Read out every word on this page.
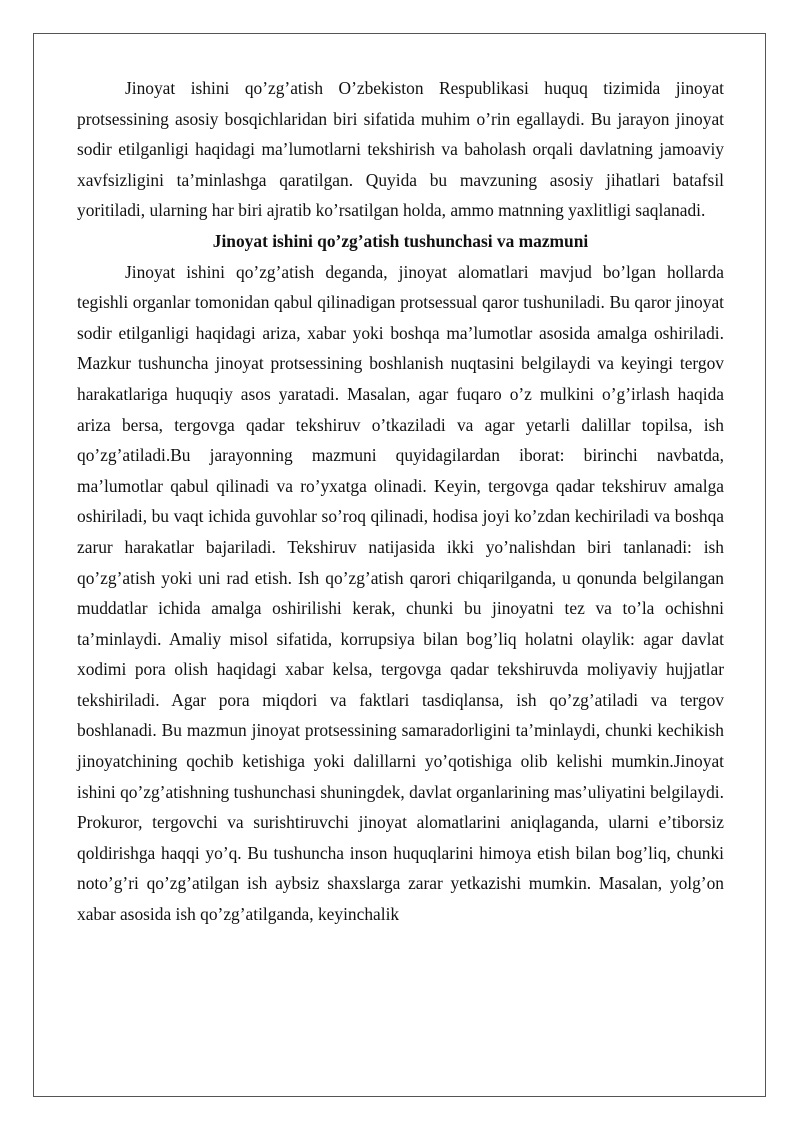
Jinoyat ishini qo’zg’atish O’zbekiston Respublikasi huquq tizimida jinoyat protsessining asosiy bosqichlaridan biri sifatida muhim o’rin egallaydi. Bu jarayon jinoyat sodir etilganligi haqidagi ma’lumotlarni tekshirish va baholash orqali davlatning jamoaviy xavfsizligini ta’minlashga qaratilgan. Quyida bu mavzuning asosiy jihatlari batafsil yoritiladi, ularning har biri ajratib ko’rsatilgan holda, ammo matnning yaxlitligi saqlanadi.

Jinoyat ishini qo’zg’atish tushunchasi va mazmuni

Jinoyat ishini qo’zg’atish deganda, jinoyat alomatlari mavjud bo’lgan hollarda tegishli organlar tomonidan qabul qilinadigan protsessual qaror tushuniladi. Bu qaror jinoyat sodir etilganligi haqidagi ariza, xabar yoki boshqa ma’lumotlar asosida amalga oshiriladi. Mazkur tushuncha jinoyat protsessining boshlanish nuqtasini belgilaydi va keyingi tergov harakatlariga huquqiy asos yaratadi. Masalan, agar fuqaro o’z mulkini o’g’irlash haqida ariza bersa, tergovga qadar tekshiruv o’tkaziladi va agar yetarli dalillar topilsa, ish qo’zg’atiladi.Bu jarayonning mazmuni quyidagilardan iborat: birinchi navbatda, ma’lumotlar qabul qilinadi va ro’yxatga olinadi. Keyin, tergovga qadar tekshiruv amalga oshiriladi, bu vaqt ichida guvohlar so’roq qilinadi, hodisa joyi ko’zdan kechiriladi va boshqa zarur harakatlar bajariladi. Tekshiruv natijasida ikki yo’nalishdan biri tanlanadi: ish qo’zg’atish yoki uni rad etish. Ish qo’zg’atish qarori chiqarilganda, u qonunda belgilangan muddatlar ichida amalga oshirilishi kerak, chunki bu jinoyatni tez va to’la ochishni ta’minlaydi. Amaliy misol sifatida, korrupsiya bilan bog’liq holatni olaylik: agar davlat xodimi pora olish haqidagi xabar kelsa, tergovga qadar tekshiruvda moliyaviy hujjatlar tekshiriladi. Agar pora miqdori va faktlari tasdiqlansa, ish qo’zg’atiladi va tergov boshlanadi. Bu mazmun jinoyat protsessining samaradorligini ta’minlaydi, chunki kechikish jinoyatchining qochib ketishiga yoki dalillarni yo’qotishiga olib kelishi mumkin.Jinoyat ishini qo’zg’atishning tushunchasi shuningdek, davlat organlarining mas’uliyatini belgilaydi. Prokuror, tergovchi va surishtiruvchi jinoyat alomatlarini aniqlaganda, ularni e’tiborsiz qoldirishga haqqi yo’q. Bu tushuncha inson huquqlarini himoya etish bilan bog’liq, chunki noto’g’ri qo’zg’atilgan ish aybsiz shaxslarga zarar yetkazishi mumkin. Masalan, yolg’on xabar asosida ish qo’zg’atilganda, keyinchalik
